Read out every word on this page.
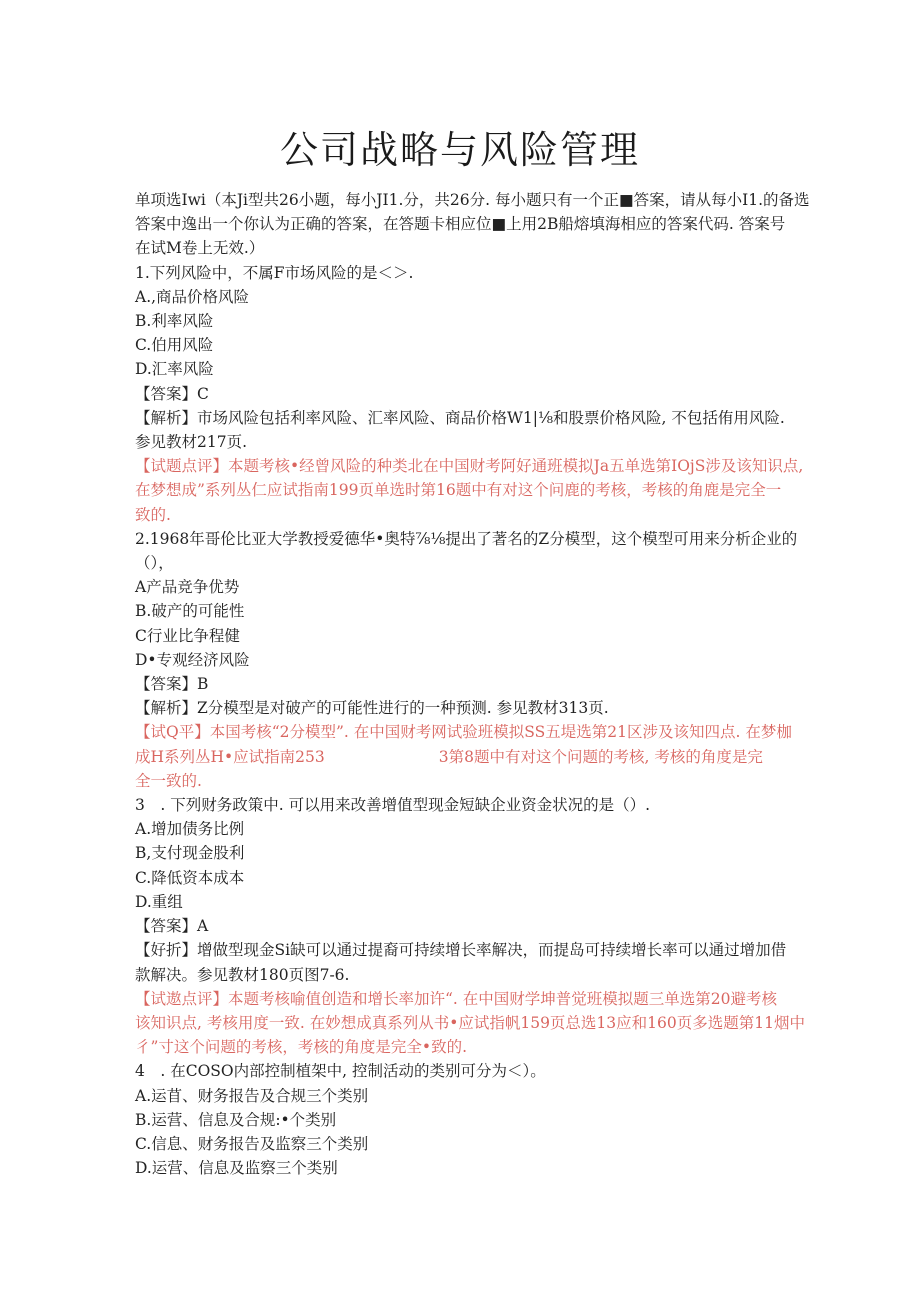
公司战略与风险管理
单项选Iwi（本Ji型共26小题，每小JI1.分，共26分. 每小题只有一个正■答案，请从每小I1.的备选
答案中逸出一个你认为正确的答案，在答题卡相应位■上用2B船熔填海相应的答案代码. 答案号
在试M卷上无效.）
1.下列风险中，不属F市场风险的是＜＞.
A.,商品价格风险
B.利率风险
C.伯用风险
D.汇率风险
【答案】C
【解析】市场风险包括利率风险、汇率风险、商品价格W1|⅛和股票价格风险, 不包括侑用风险.
参见教材217页.
【试题点评】本题考核•经曾风险的种类北在中国财考阿好通班模拟Ja五单选第IOjS涉及该知识点,
在梦想成”系列丛仁应试指南199页单选时第16题中有对这个问鹿的考核，考核的角鹿是完全一
致的.
2.1968年哥伦比亚大学教授爱德华•奥特⅞⅛提出了著名的Z分模型，这个模型可用来分析企业的
（），
A产品竞争优势
B.破产的可能性
C行业比争程健
D•专观经济风险
【答案】B
【解析】Z分模型是对破产的可能性进行的一种预测. 参见教材313页.
【试Q平】本国考核“2分模型”. 在中国财考网试验班模拟SS五堤选第21区涉及该知四点. 在梦枷
成H系列丛H•应试指南253	3第8题中有对这个问题的考核, 考核的角度是完
全一致的.
3　. 下列财务政策中. 可以用来改善增值型现金短缺企业资金状况的是（）.
A.增加债务比例
B,支付现金股利
C.降低资本成本
D.重组
【答案】A
【好折】增做型现金Si缺可以通过提裔可持续增长率解决，而提岛可持续增长率可以通过增加借
款解决。参见教材180页图7-6.
【试遨点评】本题考核喻值创造和增长率加许“. 在中国财学坤普觉班模拟题三单选第20避考核
该知识点, 考核用度一致. 在妙想成真系列从书•应试指帆159页总选13应和160页多选题第11烟中
彳”寸这个问题的考核，考核的角度是完全•致的.
4　. 在COSO内部控制植架中, 控制活动的类别可分为＜）。
A.运苜、财务报告及合规三个类别
B.运营、信息及合规:•个类别
C.信息、财务报告及监察三个类别
D.运营、信息及监察三个类别
